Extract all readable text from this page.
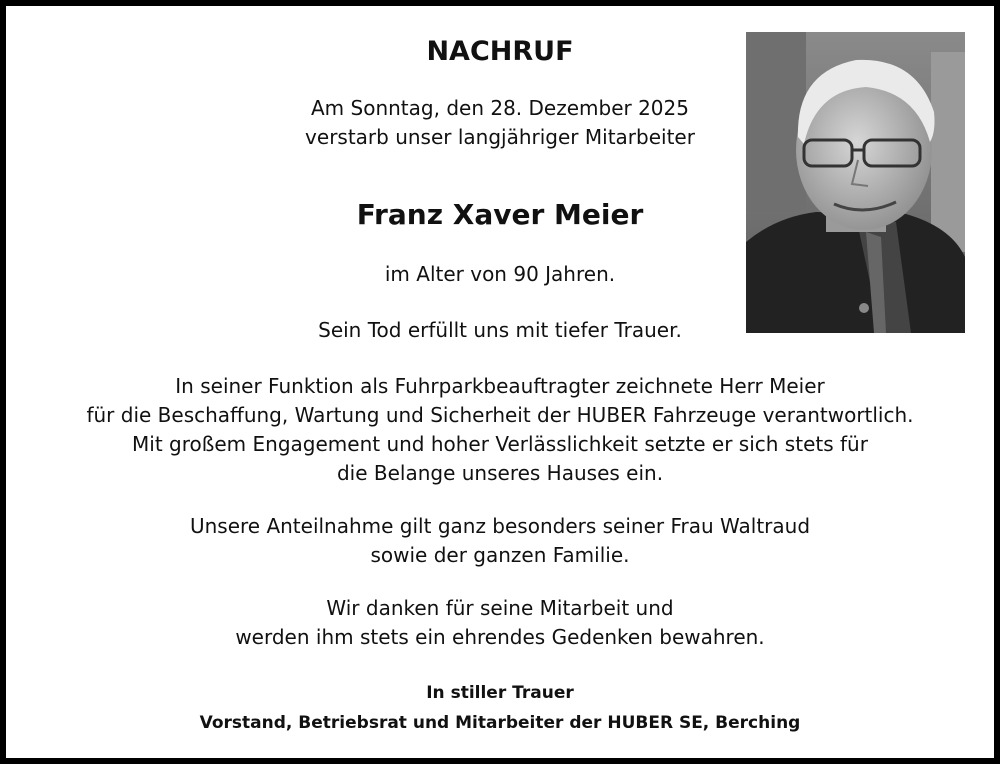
NACHRUF
Am Sonntag, den 28. Dezember 2025
verstarb unser langjähriger Mitarbeiter
Franz Xaver Meier
im Alter von 90 Jahren.
Sein Tod erfüllt uns mit tiefer Trauer.
In seiner Funktion als Fuhrparkbeauftragter zeichnete Herr Meier
für die Beschaffung, Wartung und Sicherheit der HUBER Fahrzeuge verantwortlich.
Mit großem Engagement und hoher Verlässlichkeit setzte er sich stets für
die Belange unseres Hauses ein.
Unsere Anteilnahme gilt ganz besonders seiner Frau Waltraud
sowie der ganzen Familie.
Wir danken für seine Mitarbeit und
werden ihm stets ein ehrendes Gedenken bewahren.
In stiller Trauer
Vorstand, Betriebsrat und Mitarbeiter der HUBER SE, Berching
